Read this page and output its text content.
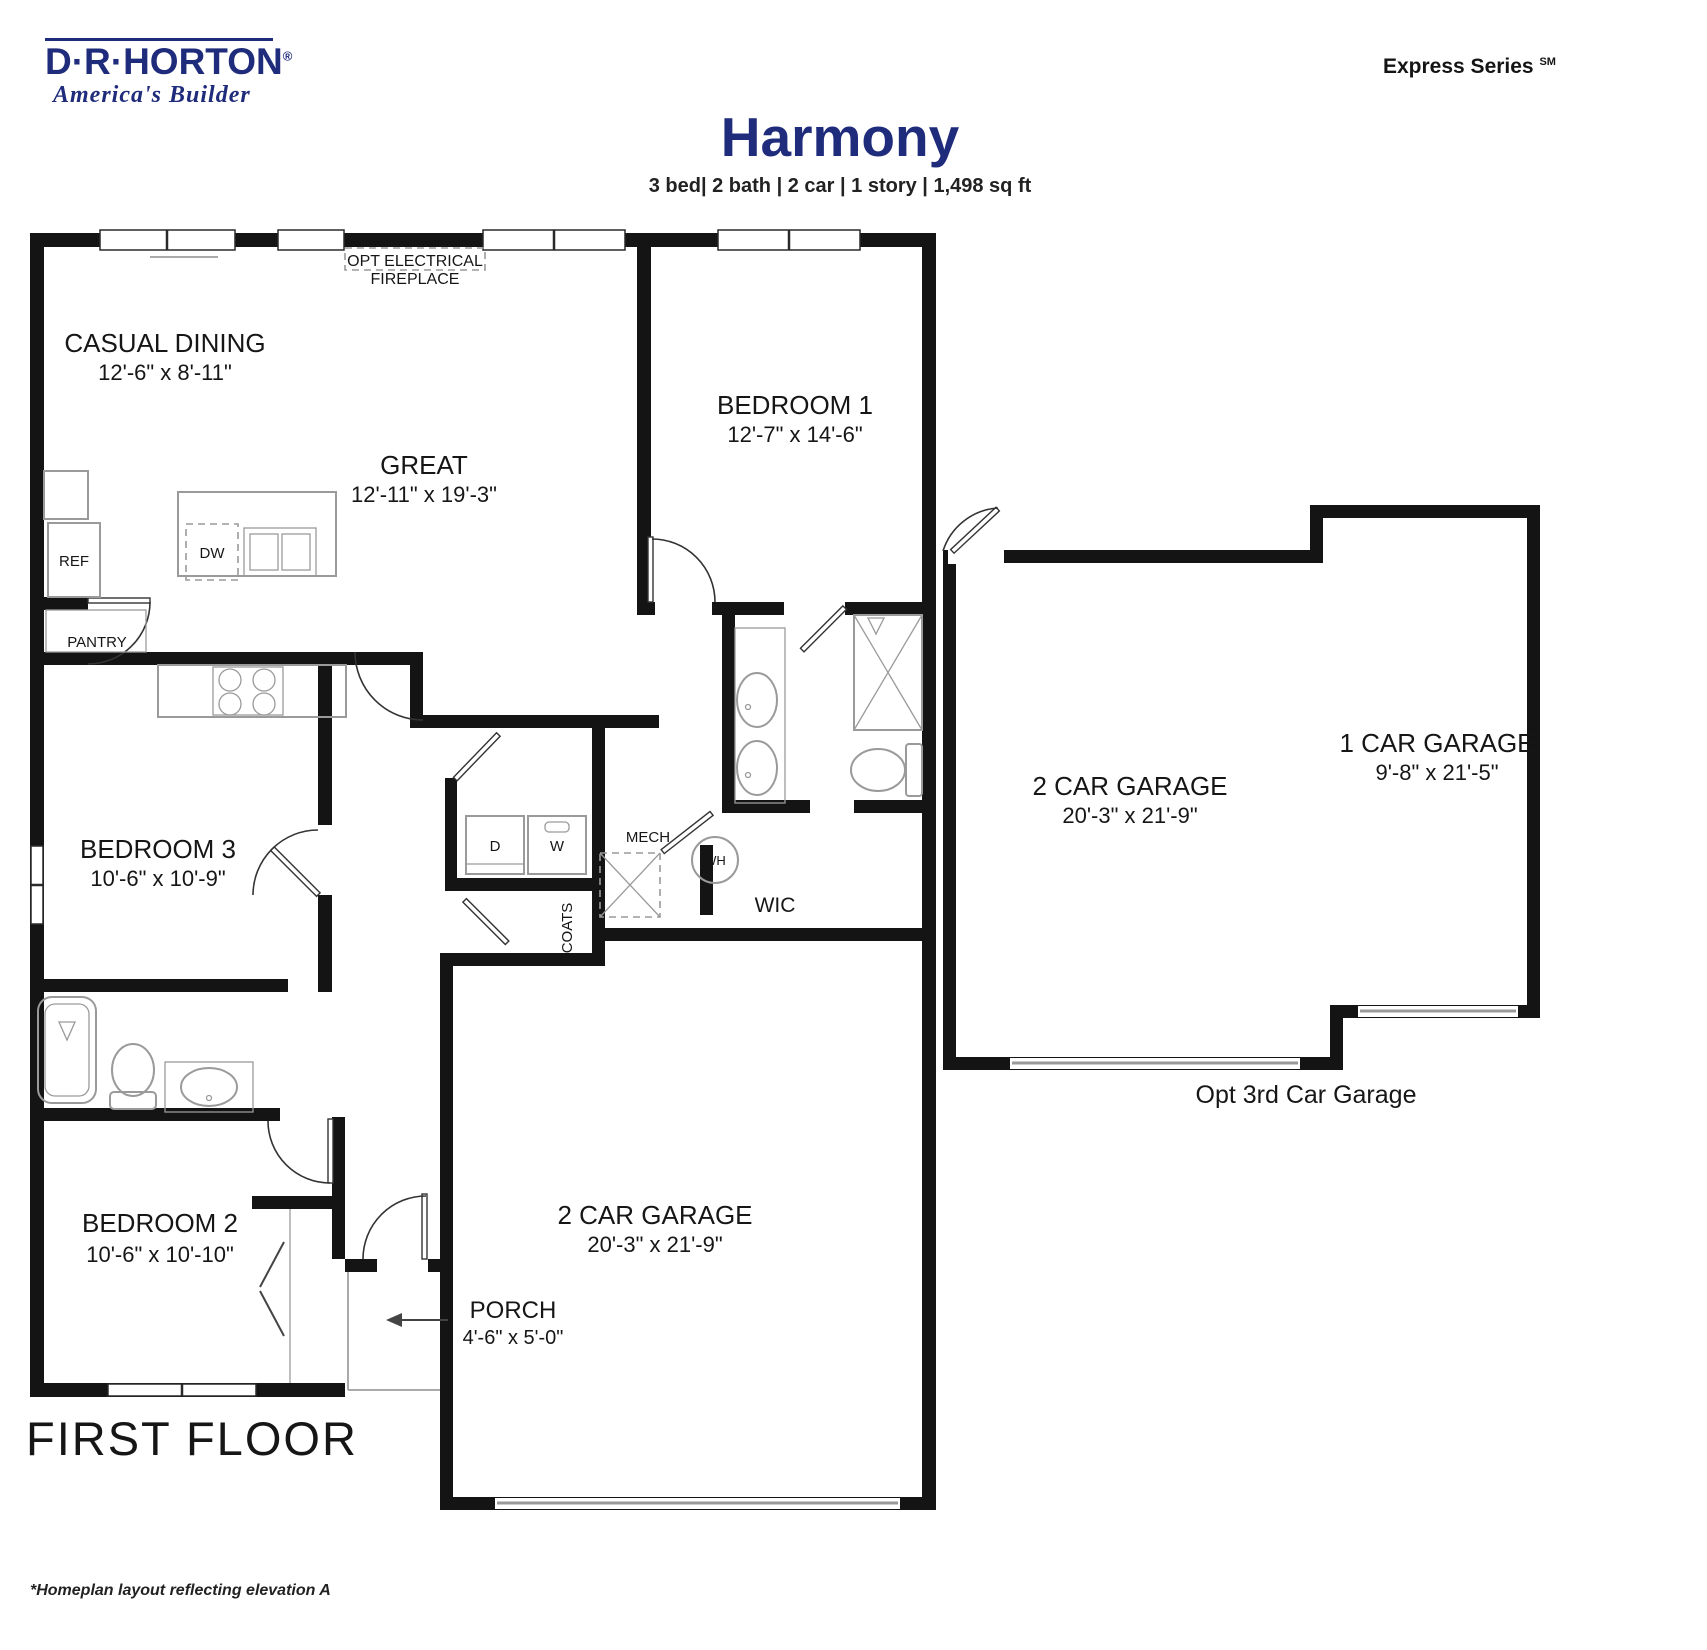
D·R·HORTON®
America's Builder
Express Series ℠
Harmony
3 bed| 2 bath | 2 car | 1 story | 1,498 sq ft
CASUAL DINING
12'-6" x 8'-11"
OPT ELECTRICAL
FIREPLACE
GREAT
12'-11" x 19'-3"
BEDROOM 1
12'-7" x 14'-6"
REF	DW
PANTRY
BEDROOM 3
10'-6" x 10'-9"
D	W
MECH
WH
WIC
COATS
BEDROOM 2
10'-6" x 10'-10"
2 CAR GARAGE
20'-3" x 21'-9"
PORCH
4'-6" x 5'-0"
2 CAR GARAGE
20'-3" x 21'-9"
1 CAR GARAGE
9'-8" x 21'-5"
Opt 3rd Car Garage
FIRST FLOOR
*Homeplan layout reflecting elevation A
